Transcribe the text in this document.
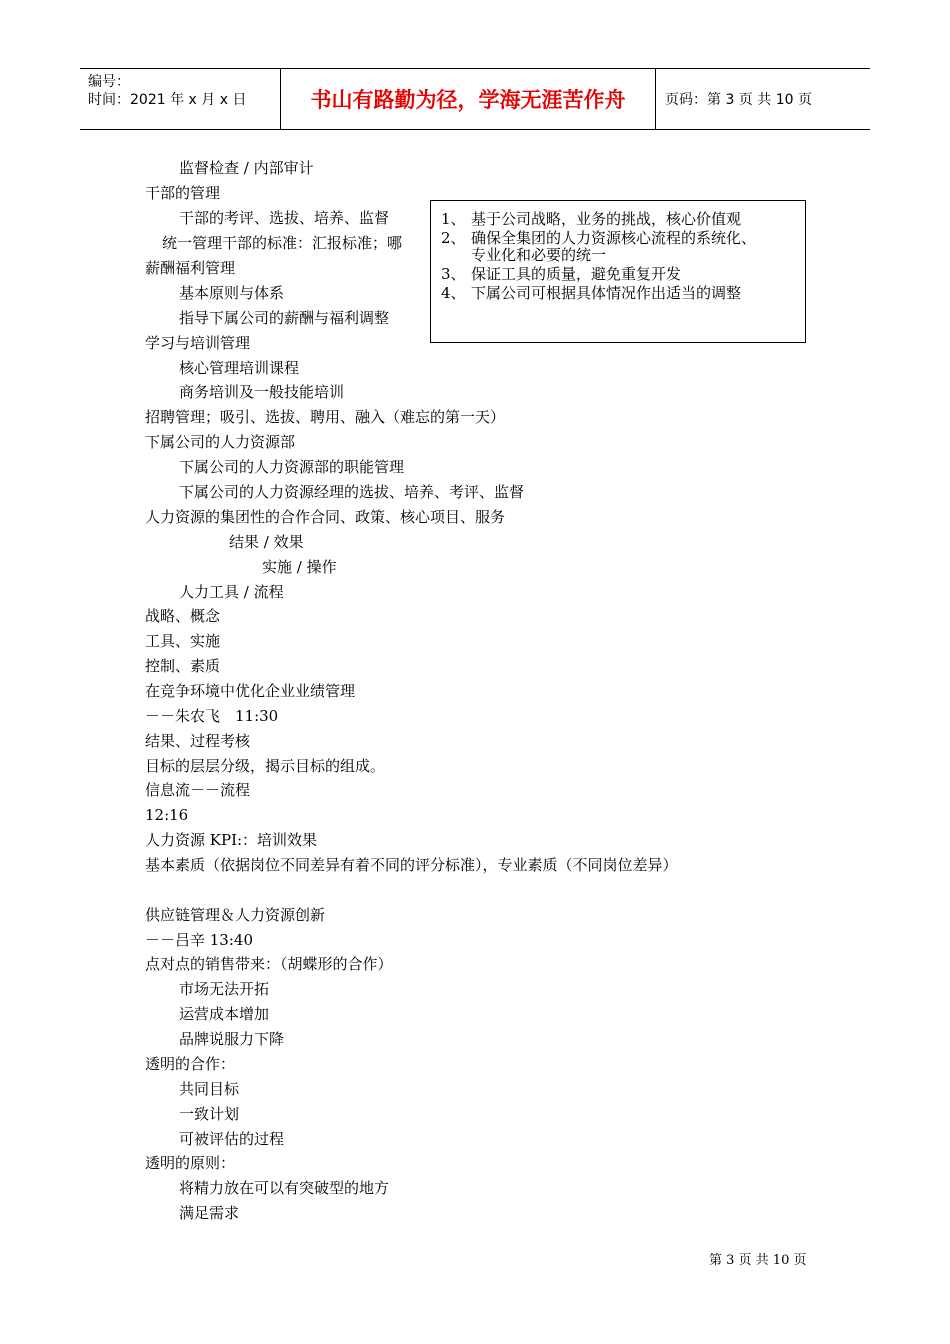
编号：
时间：2021 年 x 月 x 日	书山有路勤为径，学海无涯苦作舟	页码：第 3 页 共 10 页
监督检查 / 内部审计
干部的管理
干部的考评、选拔、培养、监督
统一管理干部的标准：汇报标准；哪
薪酬福利管理
基本原则与体系
指导下属公司的薪酬与福利调整
学习与培训管理
核心管理培训课程
商务培训及一般技能培训
招聘管理；吸引、选拔、聘用、融入（难忘的第一天）
下属公司的人力资源部
下属公司的人力资源部的职能管理
下属公司的人力资源经理的选拔、培养、考评、监督
人力资源的集团性的合作合同、政策、核心项目、服务
结果 / 效果
实施 / 操作
人力工具 / 流程
战略、概念
工具、实施
控制、素质
在竞争环境中优化企业业绩管理
－－朱农飞　11:30
结果、过程考核
目标的层层分级，揭示目标的组成。
信息流－－流程
12:16
人力资源 KPI:：培训效果
基本素质（依据岗位不同差异有着不同的评分标准），专业素质（不同岗位差异）
供应链管理＆人力资源创新
－－吕辛 13:40
点对点的销售带来：（胡蝶形的合作）
市场无法开拓
运营成本增加
品牌说服力下降
透明的合作：
共同目标
一致计划
可被评估的过程
透明的原则：
将精力放在可以有突破型的地方
满足需求
1、 基于公司战略，业务的挑战，核心价值观
2、 确保全集团的人力资源核心流程的系统化、
专业化和必要的统一
3、 保证工具的质量，避免重复开发
4、 下属公司可根据具体情况作出适当的调整
第 3 页 共 10 页
